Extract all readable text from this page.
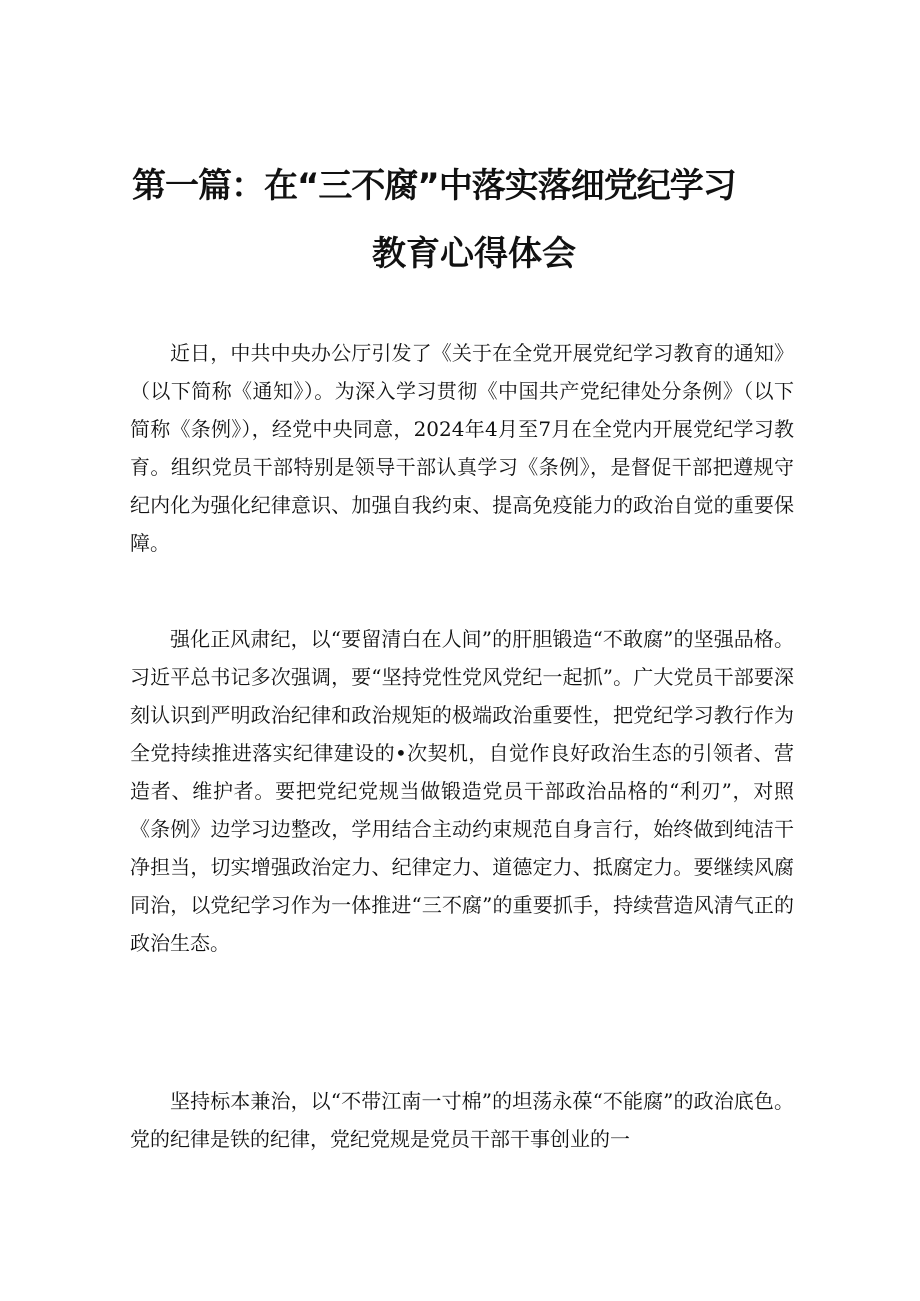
第一篇：在“三不腐”中落实落细党纪学习
教育心得体会

近日，中共中央办公厅引发了《关于在全党开展党纪学习教育的通知》（以下简称《通知》）。为深入学习贯彻《中国共产党纪律处分条例》（以下简称《条例》），经党中央同意，2024年4月至7月在全党内开展党纪学习教育。组织党员干部特别是领导干部认真学习《条例》，是督促干部把遵规守纪内化为强化纪律意识、加强自我约束、提高免疫能力的政治自觉的重要保障。

强化正风肃纪，以“要留清白在人间”的肝胆锻造“不敢腐”的坚强品格。习近平总书记多次强调，要“坚持党性党风党纪一起抓”。广大党员干部要深刻认识到严明政治纪律和政治规矩的极端政治重要性，把党纪学习教行作为全党持续推进落实纪律建设的•次契机，自觉作良好政治生态的引领者、营造者、维护者。要把党纪党规当做锻造党员干部政治品格的“利刃”，对照《条例》边学习边整改，学用结合主动约束规范自身言行，始终做到纯洁干净担当，切实增强政治定力、纪律定力、道德定力、抵腐定力。要继续风腐同治，以党纪学习作为一体推进“三不腐”的重要抓手，持续营造风清气正的政治生态。

坚持标本兼治，以“不带江南一寸棉”的坦荡永葆“不能腐”的政治底色。党的纪律是铁的纪律，党纪党规是党员干部干事创业的一
